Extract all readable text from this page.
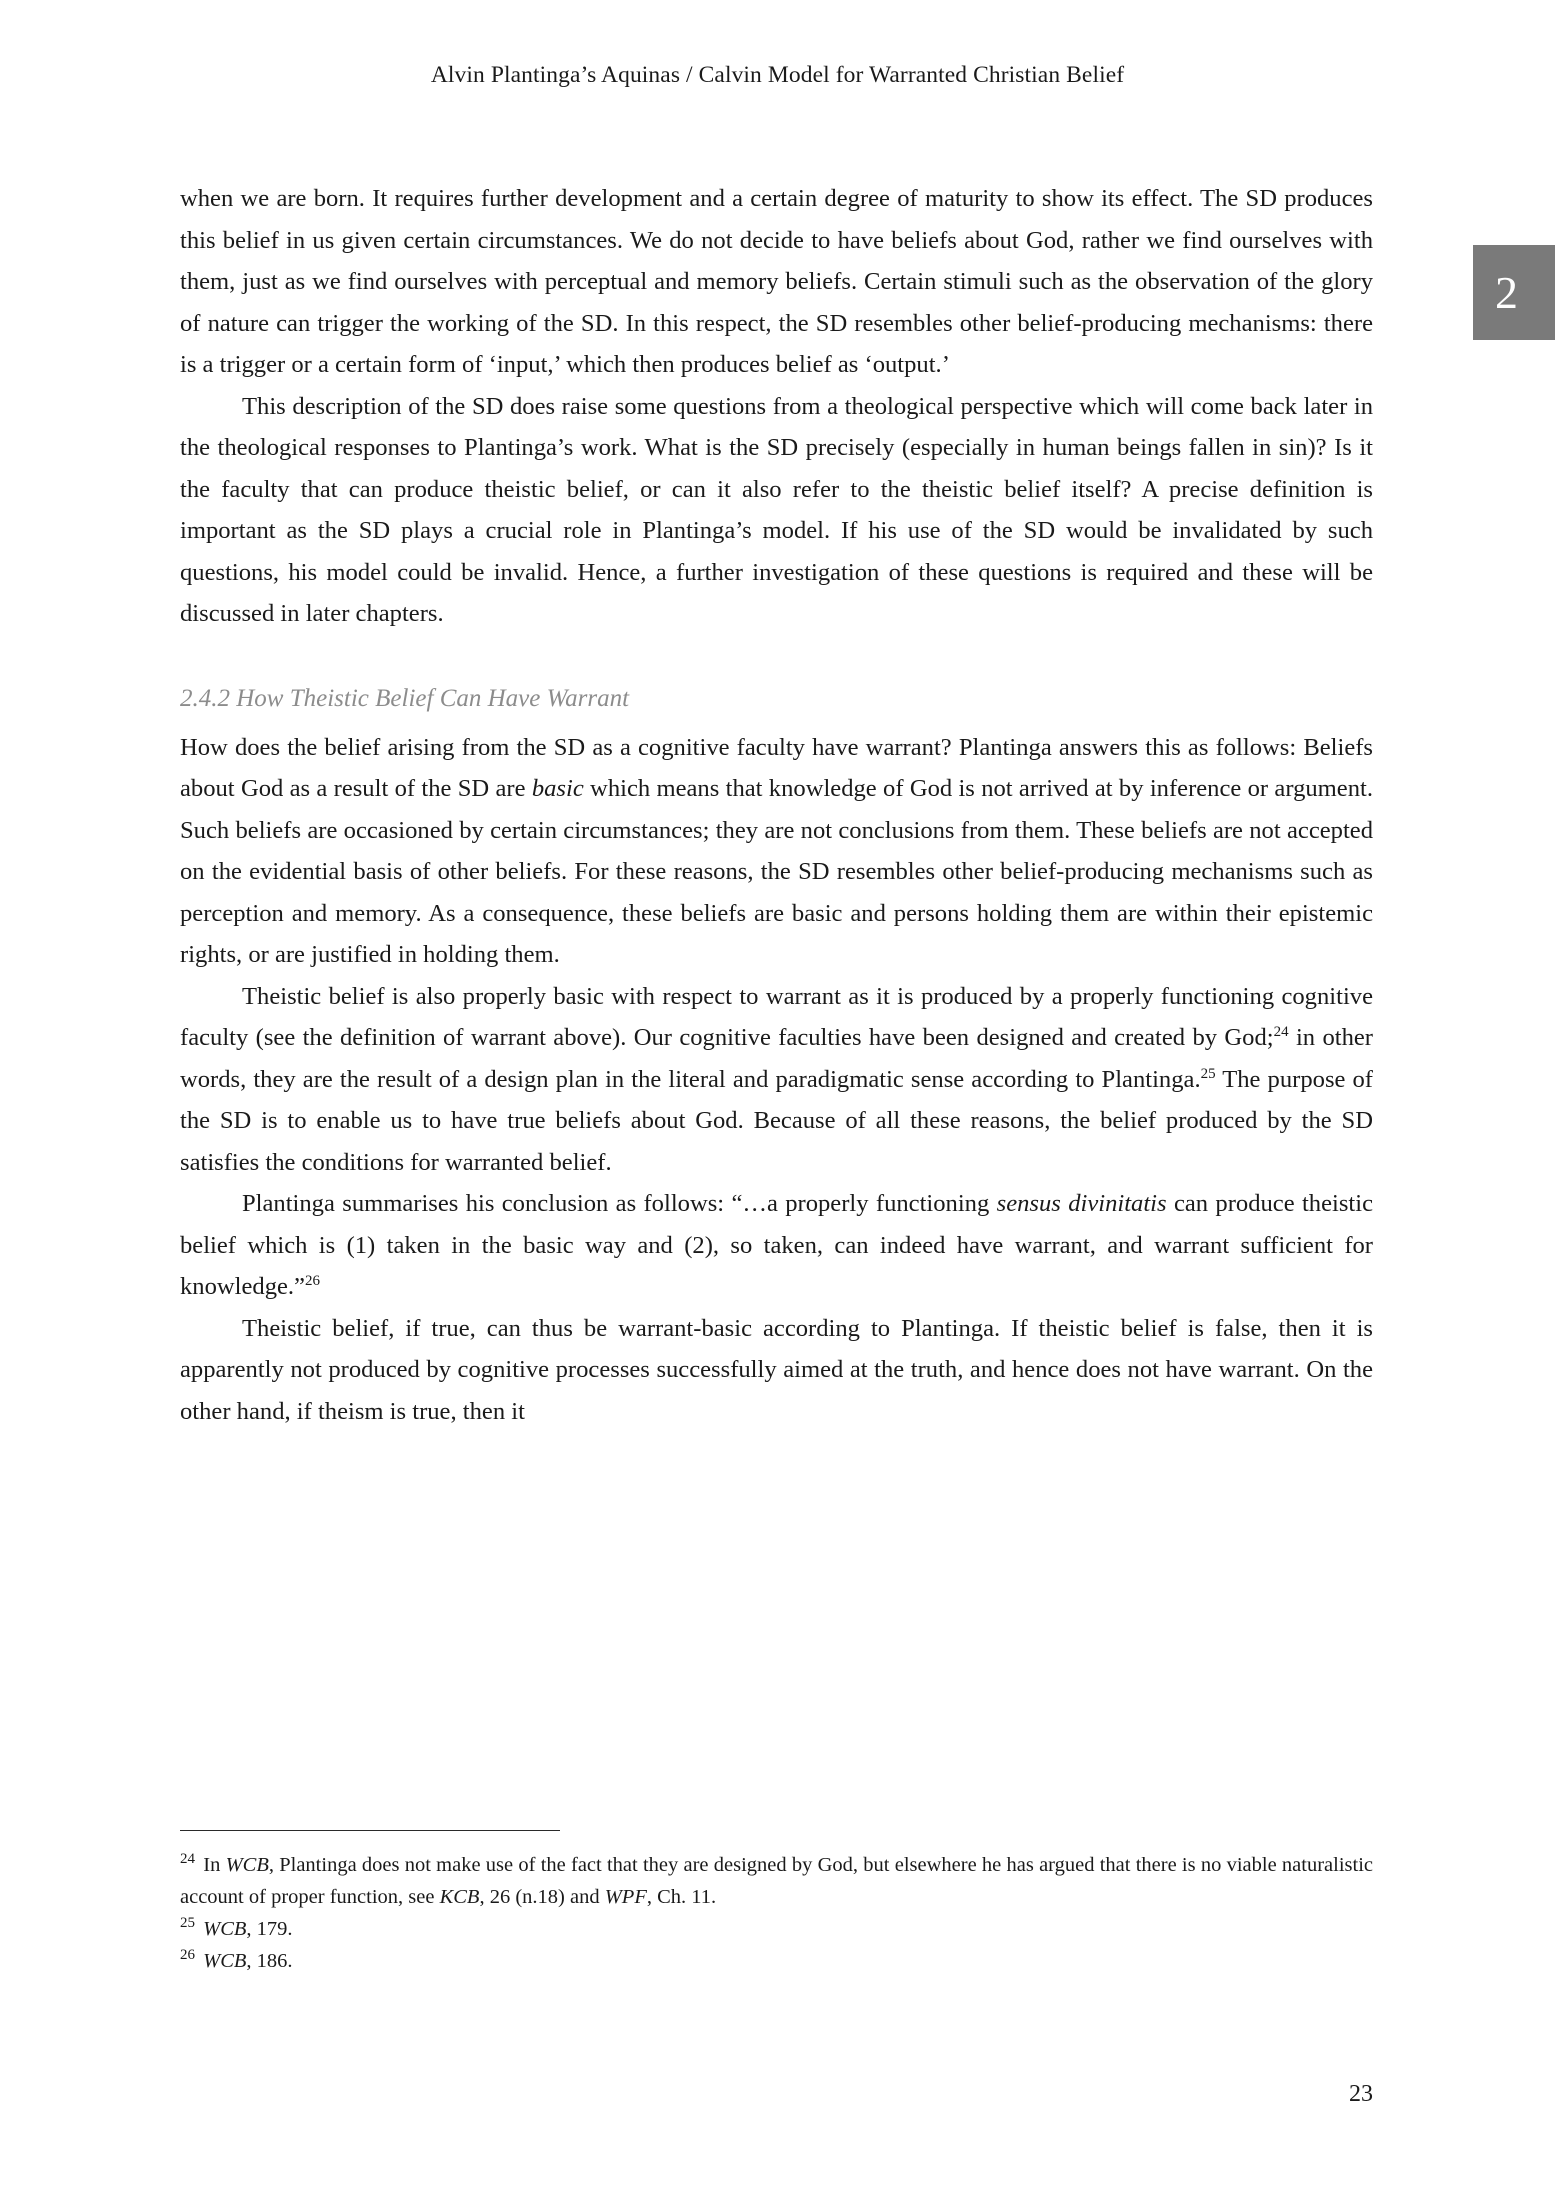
Alvin Plantinga’s Aquinas / Calvin Model for Warranted Christian Belief
2

when we are born. It requires further development and a certain degree of maturity to show its effect. The SD produces this belief in us given certain circumstances. We do not decide to have beliefs about God, rather we find ourselves with them, just as we find ourselves with perceptual and memory beliefs. Certain stimuli such as the observation of the glory of nature can trigger the working of the SD. In this respect, the SD resembles other belief-producing mechanisms: there is a trigger or a certain form of ‘input,’ which then produces belief as ‘output.’

This description of the SD does raise some questions from a theological perspective which will come back later in the theological responses to Plantinga’s work. What is the SD precisely (especially in human beings fallen in sin)? Is it the faculty that can produce theistic belief, or can it also refer to the theistic belief itself? A precise definition is important as the SD plays a crucial role in Plantinga’s model. If his use of the SD would be invalidated by such questions, his model could be invalid. Hence, a further investigation of these questions is required and these will be discussed in later chapters.

2.4.2 How Theistic Belief Can Have Warrant

How does the belief arising from the SD as a cognitive faculty have warrant? Plantinga answers this as follows: Beliefs about God as a result of the SD are basic which means that knowledge of God is not arrived at by inference or argument. Such beliefs are occasioned by certain circumstances; they are not conclusions from them. These beliefs are not accepted on the evidential basis of other beliefs. For these reasons, the SD resembles other belief-producing mechanisms such as perception and memory. As a consequence, these beliefs are basic and persons holding them are within their epistemic rights, or are justified in holding them.

Theistic belief is also properly basic with respect to warrant as it is produced by a properly functioning cognitive faculty (see the definition of warrant above). Our cognitive faculties have been designed and created by God;$^{24}$ in other words, they are the result of a design plan in the literal and paradigmatic sense according to Plantinga.$^{25}$ The purpose of the SD is to enable us to have true beliefs about God. Because of all these reasons, the belief produced by the SD satisfies the conditions for warranted belief.

Plantinga summarises his conclusion as follows: “…a properly functioning sensus divinitatis can produce theistic belief which is (1) taken in the basic way and (2), so taken, can indeed have warrant, and warrant sufficient for knowledge.”$^{26}$

Theistic belief, if true, can thus be warrant-basic according to Plantinga. If theistic belief is false, then it is apparently not produced by cognitive processes successfully aimed at the truth, and hence does not have warrant. On the other hand, if theism is true, then it

$^{24}$ In WCB, Plantinga does not make use of the fact that they are designed by God, but elsewhere he has argued that there is no viable naturalistic account of proper function, see KCB, 26 (n.18) and WPF, Ch. 11.

$^{25}$ WCB, 179.

$^{26}$ WCB, 186.

23
